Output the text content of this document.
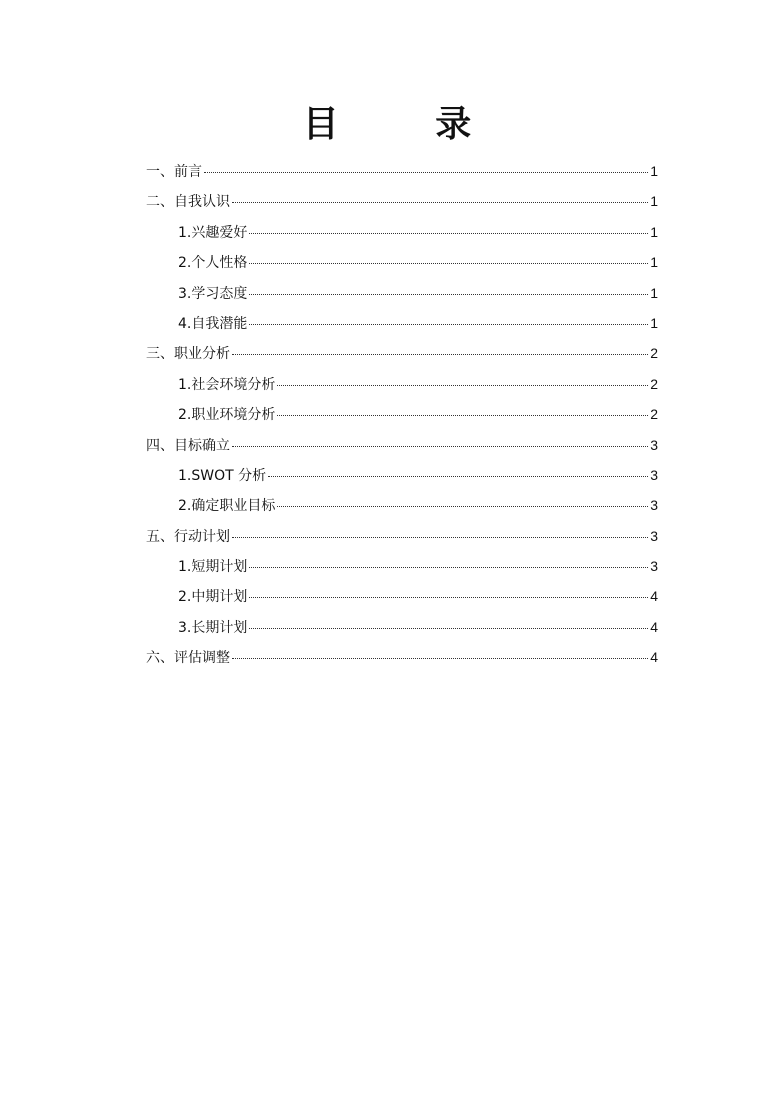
目 录
一、前言	1
二、自我认识	1
1.兴趣爱好	1
2.个人性格	1
3.学习态度	1
4.自我潜能	1
三、职业分析	2
1.社会环境分析	2
2.职业环境分析	2
四、目标确立	3
1.SWOT 分析	3
2.确定职业目标	3
五、行动计划	3
1.短期计划	3
2.中期计划	4
3.长期计划	4
六、评估调整	4
